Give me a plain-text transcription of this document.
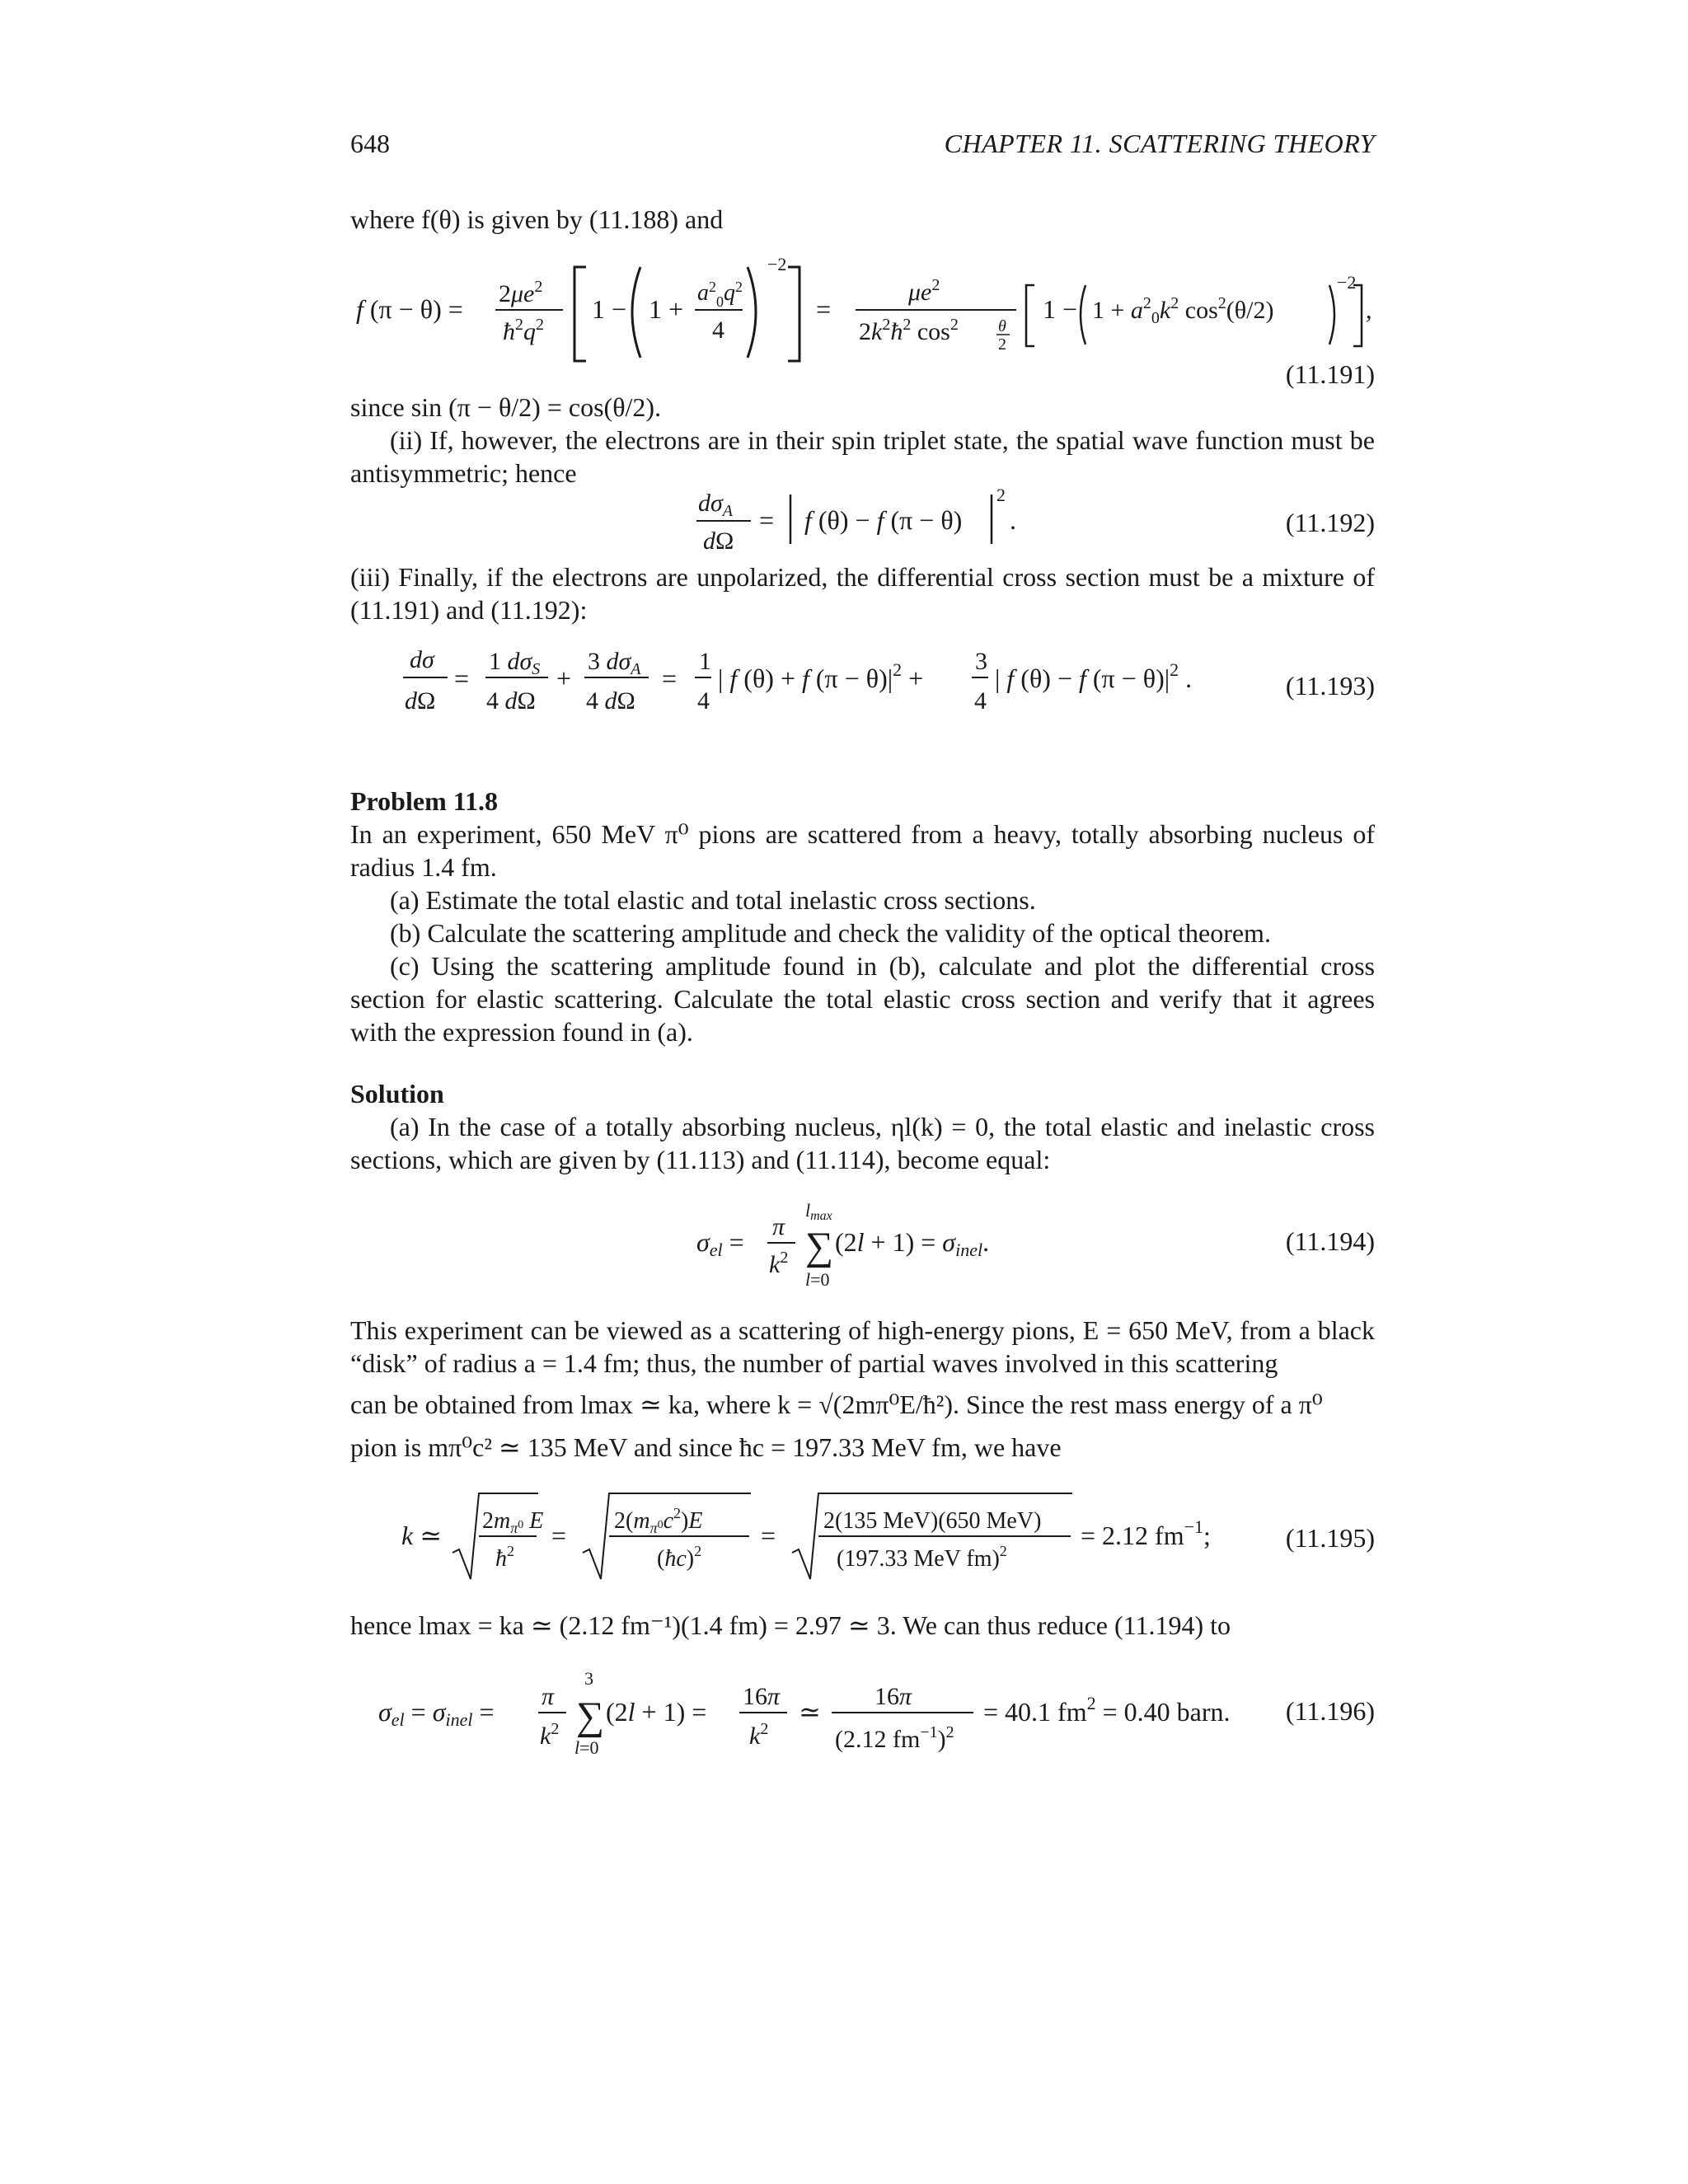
648	CHAPTER 11. SCATTERING THEORY
where f(θ) is given by (11.188) and
f (π − θ) =
$2\mu e^2$
$ħ^2q^2$
1 − 1 +
$a^2_0q^2$
4
−2
=
$\mu e^2$
$2k^2ħ^2$ $\cos^2 \theta$
2
$1 - 1 + a^2_0k^2$ $\cos^2(\theta/2)$
−2
,
(11.191)
since sin (π − θ/2) = cos(θ/2).
(ii) If, however, the electrons are in their spin triplet state, the spatial wave function must be antisymmetric; hence
$d\sigma_A$
dΩ
= f (θ) − f (π − θ)
2
.	(11.192)
(iii) Finally, if the electrons are unpolarized, the differential cross section must be a mixture of (11.191) and (11.192):
dσ
dΩ
=
1 $d\sigma_S$
4 dΩ
+
3 $d\sigma_A$
4 dΩ
=
1
4
| f (θ) + f $(\pi - \theta)|^2$ +
3
4
| f (θ) − f $(\pi - \theta)|^2$ .	(11.193)
Problem 11.8
In an experiment, 650 MeV π⁰ pions are scattered from a heavy, totally absorbing nucleus of radius 1.4 fm.
(a) Estimate the total elastic and total inelastic cross sections.
(b) Calculate the scattering amplitude and check the validity of the optical theorem.
(c) Using the scattering amplitude found in (b), calculate and plot the differential cross section for elastic scattering. Calculate the total elastic cross section and verify that it agrees with the expression found in (a).
Solution
(a) In the case of a totally absorbing nucleus, ηl(k) = 0, the total elastic and inelastic cross sections, which are given by (11.113) and (11.114), become equal:
σel =
π
$k^2$
lmax
∑
l=0
(2l + 1) = σinel.	(11.194)
This experiment can be viewed as a scattering of high-energy pions, E = 650 MeV, from a black “disk” of radius a = 1.4 fm; thus, the number of partial waves involved in this scattering
can be obtained from lmax ≃ ka, where k = √(2mπ⁰E/ħ²). Since the rest mass energy of a π⁰
pion is mπ⁰c² ≃ 135 MeV and since ħc = 197.33 MeV fm, we have
k ≃ $2m_\pi^0$ E
$ħ^2$
= $2(m_\pi^0c^2)E$
(ħc)$^2$
= 2(135 MeV)(650 MeV)
(197.33 MeV fm)$^2$
= 2.12 $fm^{-1}$;	(11.195)
hence lmax = ka ≃ (2.12 fm⁻¹)(1.4 fm) = 2.97 ≃ 3. We can thus reduce (11.194) to
σel = σinel =
π
$k^2$
3
∑
l=0
(2l + 1) =
16π
$k^2$
≃
16π
(2.12 $fm^{-1})^2$
= 40.1 $fm^2 = 0.40$ barn. (11.196)
